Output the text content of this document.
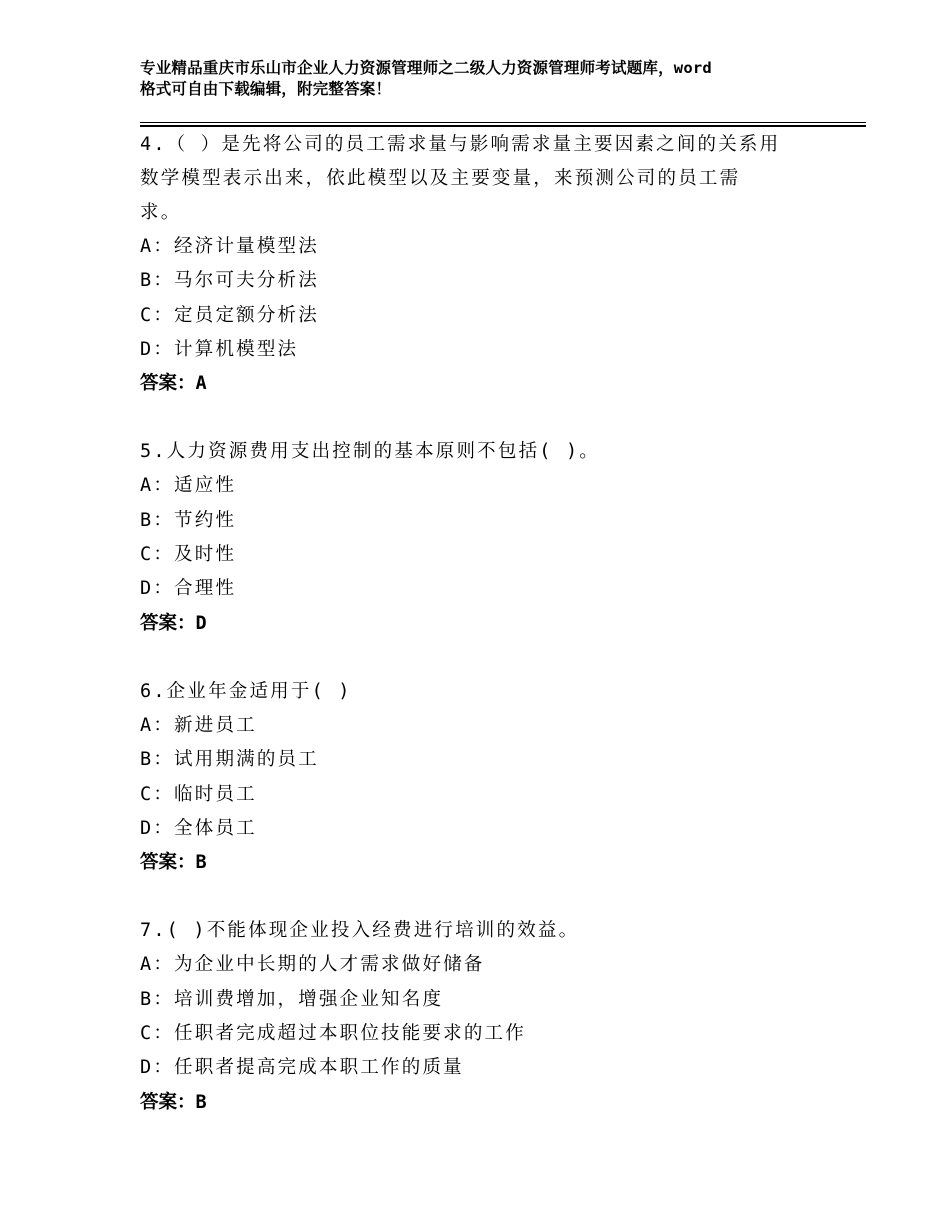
专业精品重庆市乐山市企业人力资源管理师之二级人力资源管理师考试题库，word
格式可自由下载编辑，附完整答案！
4.（ ）是先将公司的员工需求量与影响需求量主要因素之间的关系用
数学模型表示出来，依此模型以及主要变量，来预测公司的员工需
求。
A：经济计量模型法
B：马尔可夫分析法
C：定员定额分析法
D：计算机模型法
答案：A
5.人力资源费用支出控制的基本原则不包括( )。
A：适应性
B：节约性
C：及时性
D：合理性
答案：D
6.企业年金适用于( )
A：新进员工
B：试用期满的员工
C：临时员工
D：全体员工
答案：B
7.( )不能体现企业投入经费进行培训的效益。
A：为企业中长期的人才需求做好储备
B：培训费增加，增强企业知名度
C：任职者完成超过本职位技能要求的工作
D：任职者提高完成本职工作的质量
答案：B
